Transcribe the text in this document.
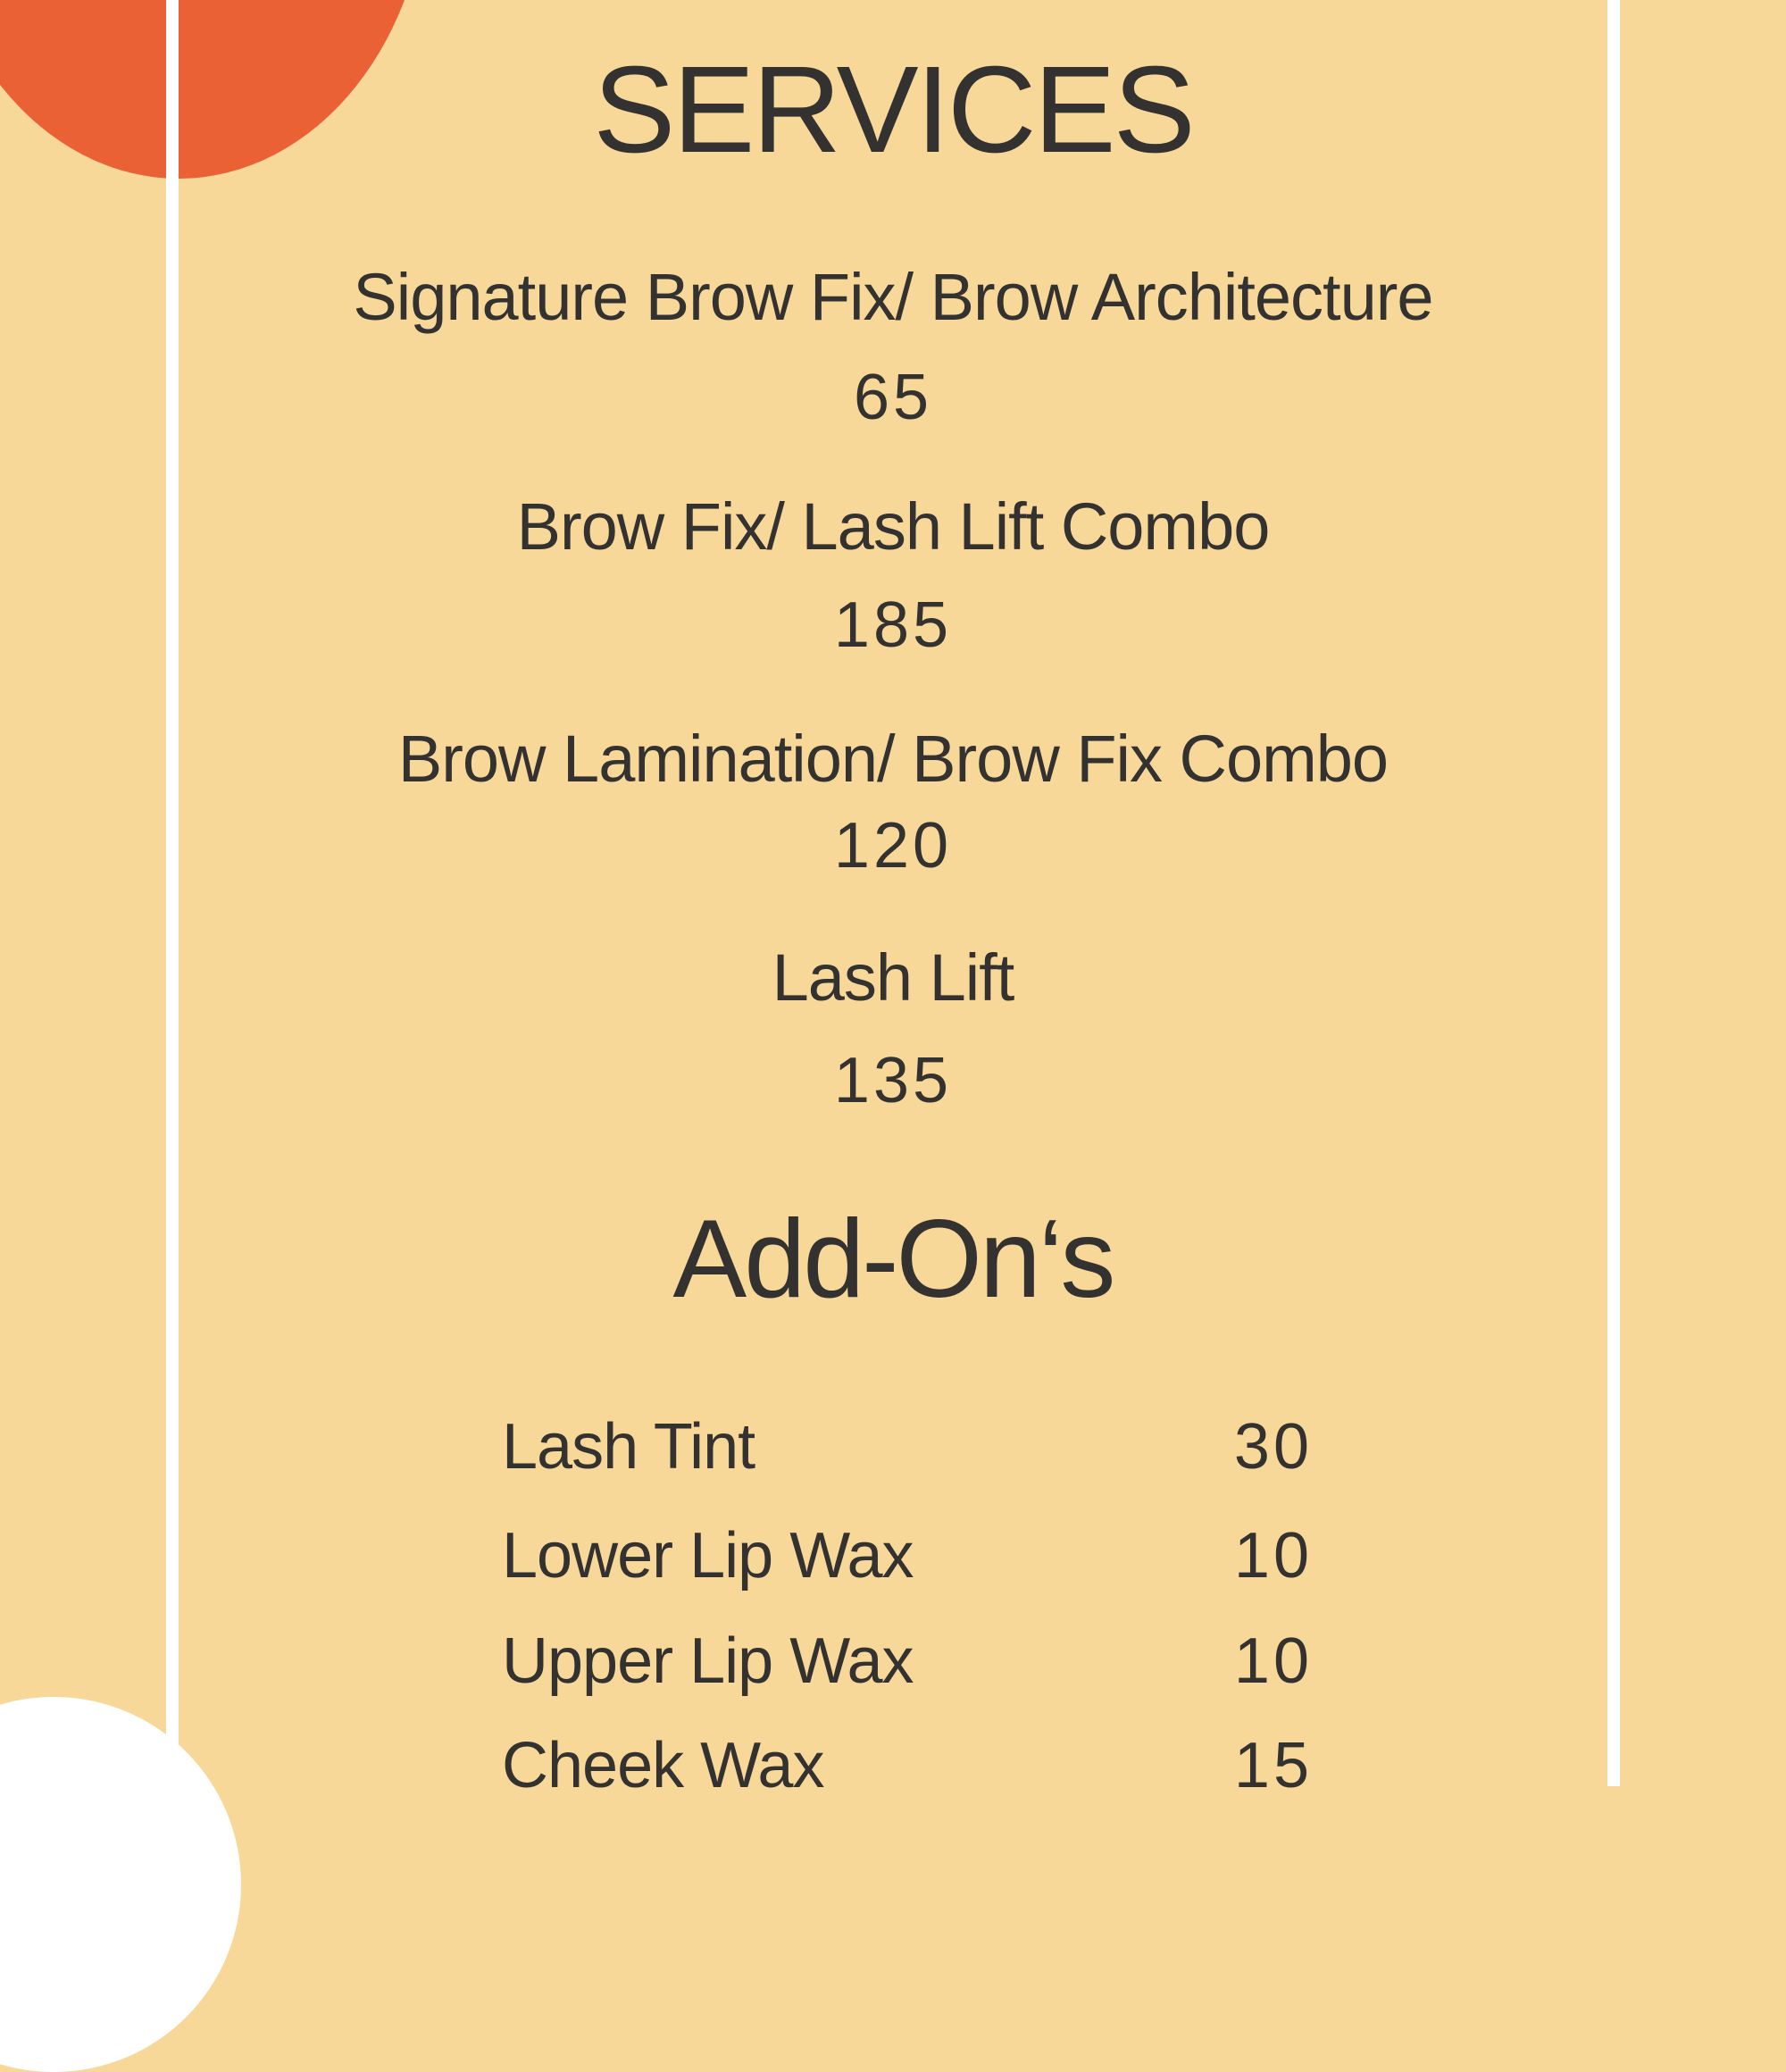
SERVICES
Signature Brow Fix/ Brow Architecture
65
Brow Fix/ Lash Lift Combo
185
Brow Lamination/ Brow Fix Combo
120
Lash Lift
135
Add-On‘s
Lash Tint	30
Lower Lip Wax	10
Upper Lip Wax	10
Cheek Wax	15
